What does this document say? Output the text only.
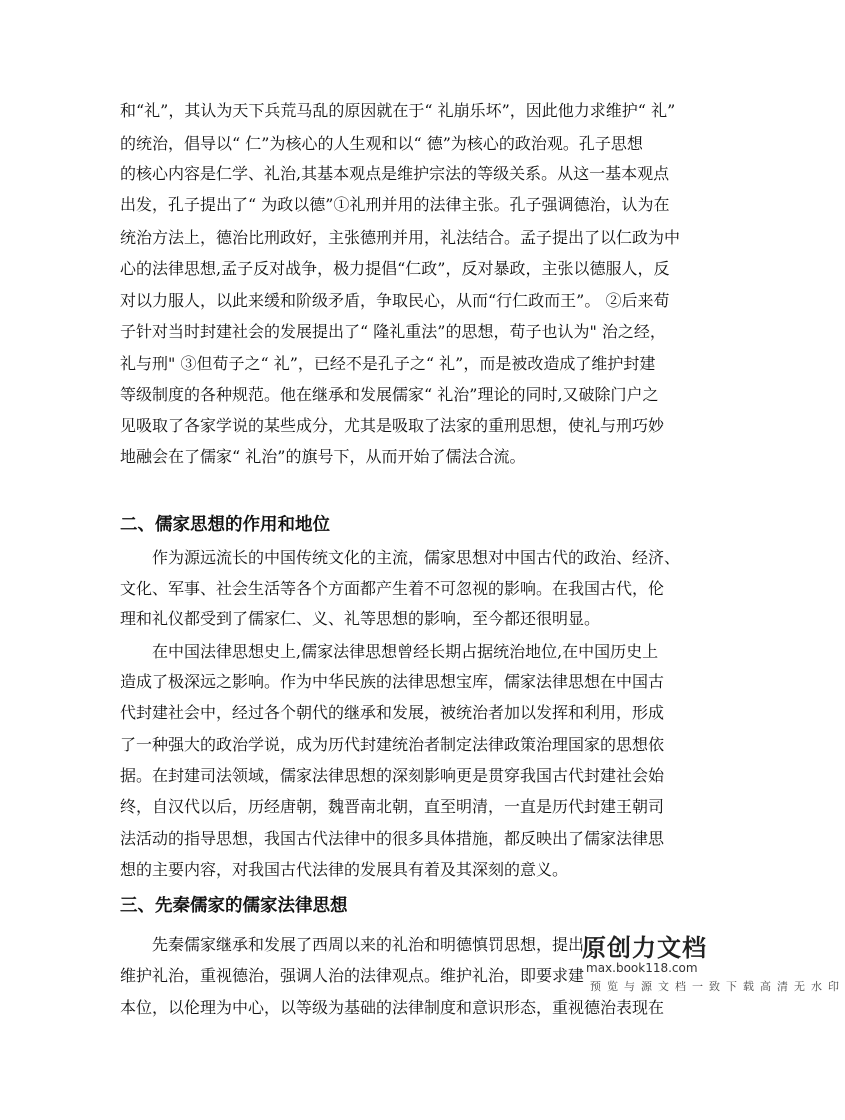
和“礼”，其认为天下兵荒马乱的原因就在于“ 礼崩乐坏”，因此他力求维护“ 礼”
的统治，倡导以“ 仁”为核心的人生观和以“ 德”为核心的政治观。孔子思想
的核心内容是仁学、礼治,其基本观点是维护宗法的等级关系。从这一基本观点
出发，孔子提出了“ 为政以德”①礼刑并用的法律主张。孔子强调德治，认为在
统治方法上，德治比刑政好，主张德刑并用，礼法结合。孟子提出了以仁政为中
心的法律思想,孟子反对战争，极力提倡“仁政”，反对暴政，主张以德服人，反
对以力服人，以此来缓和阶级矛盾，争取民心，从而“行仁政而王”。 ②后来荀
子针对当时封建社会的发展提出了“ 隆礼重法”的思想，荀子也认为" 治之经，
礼与刑" ③但荀子之“ 礼”，已经不是孔子之“ 礼”，而是被改造成了维护封建
等级制度的各种规范。他在继承和发展儒家“ 礼治”理论的同时,又破除门户之
见吸取了各家学说的某些成分，尤其是吸取了法家的重刑思想，使礼与刑巧妙
地融会在了儒家“ 礼治”的旗号下，从而开始了儒法合流。
二、儒家思想的作用和地位
　　作为源远流长的中国传统文化的主流，儒家思想对中国古代的政治、经济、
文化、军事、社会生活等各个方面都产生着不可忽视的影响。在我国古代，伦
理和礼仪都受到了儒家仁、义、礼等思想的影响，至今都还很明显。
　　在中国法律思想史上,儒家法律思想曾经长期占据统治地位,在中国历史上
造成了极深远之影响。作为中华民族的法律思想宝库，儒家法律思想在中国古
代封建社会中，经过各个朝代的继承和发展，被统治者加以发挥和利用，形成
了一种强大的政治学说，成为历代封建统治者制定法律政策治理国家的思想依
据。在封建司法领域，儒家法律思想的深刻影响更是贯穿我国古代封建社会始
终，自汉代以后，历经唐朝，魏晋南北朝，直至明清，一直是历代封建王朝司
法活动的指导思想，我国古代法律中的很多具体措施，都反映出了儒家法律思
想的主要内容，对我国古代法律的发展具有着及其深刻的意义。
三、先秦儒家的儒家法律思想
　　先秦儒家继承和发展了西周以来的礼治和明德慎罚思想，提出
维护礼治，重视德治，强调人治的法律观点。维护礼治，即要求建
本位，以伦理为中心，以等级为基础的法律制度和意识形态，重视德治表现在
原创力文档
max.book118.com
预览与源文档一致下载高清无水印
